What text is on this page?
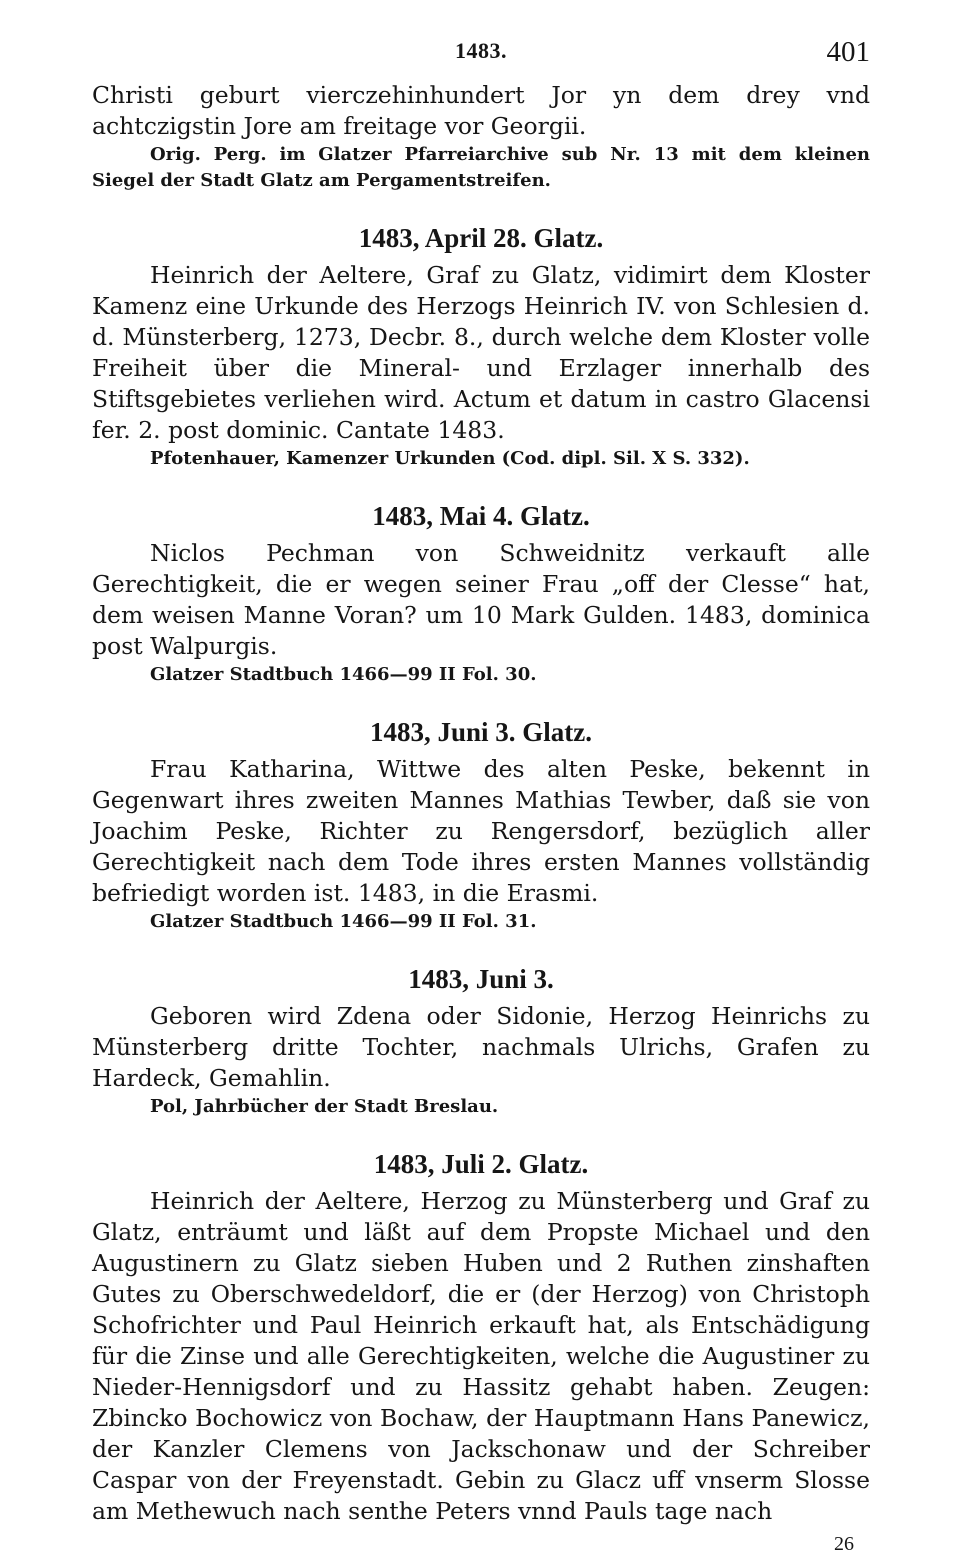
1483.	401

Christi geburt vierczehinhundert Jor yn dem drey vnd achtczigstin Jore am freitage vor Georgii.

Orig. Perg. im Glatzer Pfarreiarchive sub Nr. 13 mit dem kleinen Siegel der Stadt Glatz am Pergamentstreifen.

1483, April 28. Glatz.

Heinrich der Aeltere, Graf zu Glatz, vidimirt dem Kloster Kamenz eine Urkunde des Herzogs Heinrich IV. von Schlesien d. d. Münsterberg, 1273, Decbr. 8., durch welche dem Kloster volle Freiheit über die Mineral- und Erzlager innerhalb des Stiftsgebietes verliehen wird. Actum et datum in castro Glacensi fer. 2. post dominic. Cantate 1483.

Pfotenhauer, Kamenzer Urkunden (Cod. dipl. Sil. X S. 332).

1483, Mai 4. Glatz.

Niclos Pechman von Schweidnitz verkauft alle Gerechtigkeit, die er wegen seiner Frau „off der Clesse“ hat, dem weisen Manne Voran? um 10 Mark Gulden. 1483, dominica post Walpurgis.

Glatzer Stadtbuch 1466—99 II Fol. 30.

1483, Juni 3. Glatz.

Frau Katharina, Wittwe des alten Peske, bekennt in Gegenwart ihres zweiten Mannes Mathias Tewber, daß sie von Joachim Peske, Richter zu Rengersdorf, bezüglich aller Gerechtigkeit nach dem Tode ihres ersten Mannes vollständig befriedigt worden ist. 1483, in die Erasmi.

Glatzer Stadtbuch 1466—99 II Fol. 31.

1483, Juni 3.

Geboren wird Zdena oder Sidonie, Herzog Heinrichs zu Münsterberg dritte Tochter, nachmals Ulrichs, Grafen zu Hardeck, Gemahlin.

Pol, Jahrbücher der Stadt Breslau.

1483, Juli 2. Glatz.

Heinrich der Aeltere, Herzog zu Münsterberg und Graf zu Glatz, enträumt und läßt auf dem Propste Michael und den Augustinern zu Glatz sieben Huben und 2 Ruthen zinshaften Gutes zu Oberschwedeldorf, die er (der Herzog) von Christoph Schofrichter und Paul Heinrich erkauft hat, als Entschädigung für die Zinse und alle Gerechtigkeiten, welche die Augustiner zu Nieder-Hennigsdorf und zu Hassitz gehabt haben. Zeugen: Zbincko Bochowicz von Bochaw, der Hauptmann Hans Panewicz, der Kanzler Clemens von Jackschonaw und der Schreiber Caspar von der Freyenstadt. Gebin zu Glacz uff vnserm Slosse am Methewuch nach senthe Peters vnnd Pauls tage nach

26
